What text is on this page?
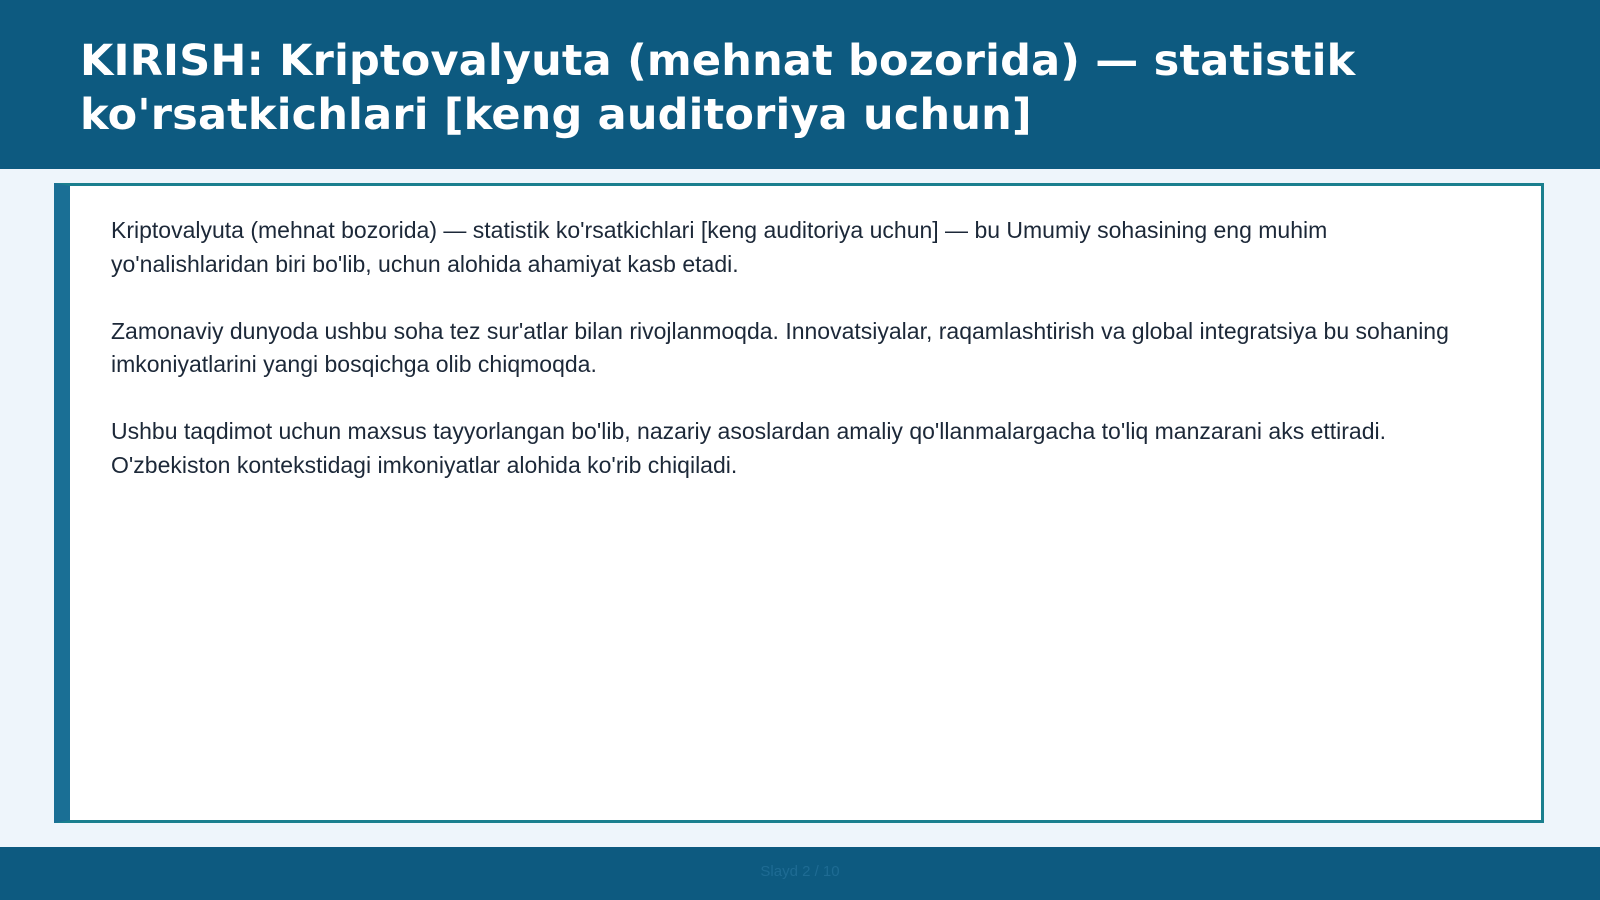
KIRISH: Kriptovalyuta (mehnat bozorida) — statistik ko'rsatkichlari [keng auditoriya uchun]

Kriptovalyuta (mehnat bozorida) — statistik ko'rsatkichlari [keng auditoriya uchun] — bu Umumiy sohasining eng muhim yo'nalishlaridan biri bo'lib, uchun alohida ahamiyat kasb etadi.

Zamonaviy dunyoda ushbu soha tez sur'atlar bilan rivojlanmoqda. Innovatsiyalar, raqamlashtirish va global integratsiya bu sohaning imkoniyatlarini yangi bosqichga olib chiqmoqda.

Ushbu taqdimot uchun maxsus tayyorlangan bo'lib, nazariy asoslardan amaliy qo'llanmalargacha to'liq manzarani aks ettiradi. O'zbekiston kontekstidagi imkoniyatlar alohida ko'rib chiqiladi.

Slayd 2 / 10
